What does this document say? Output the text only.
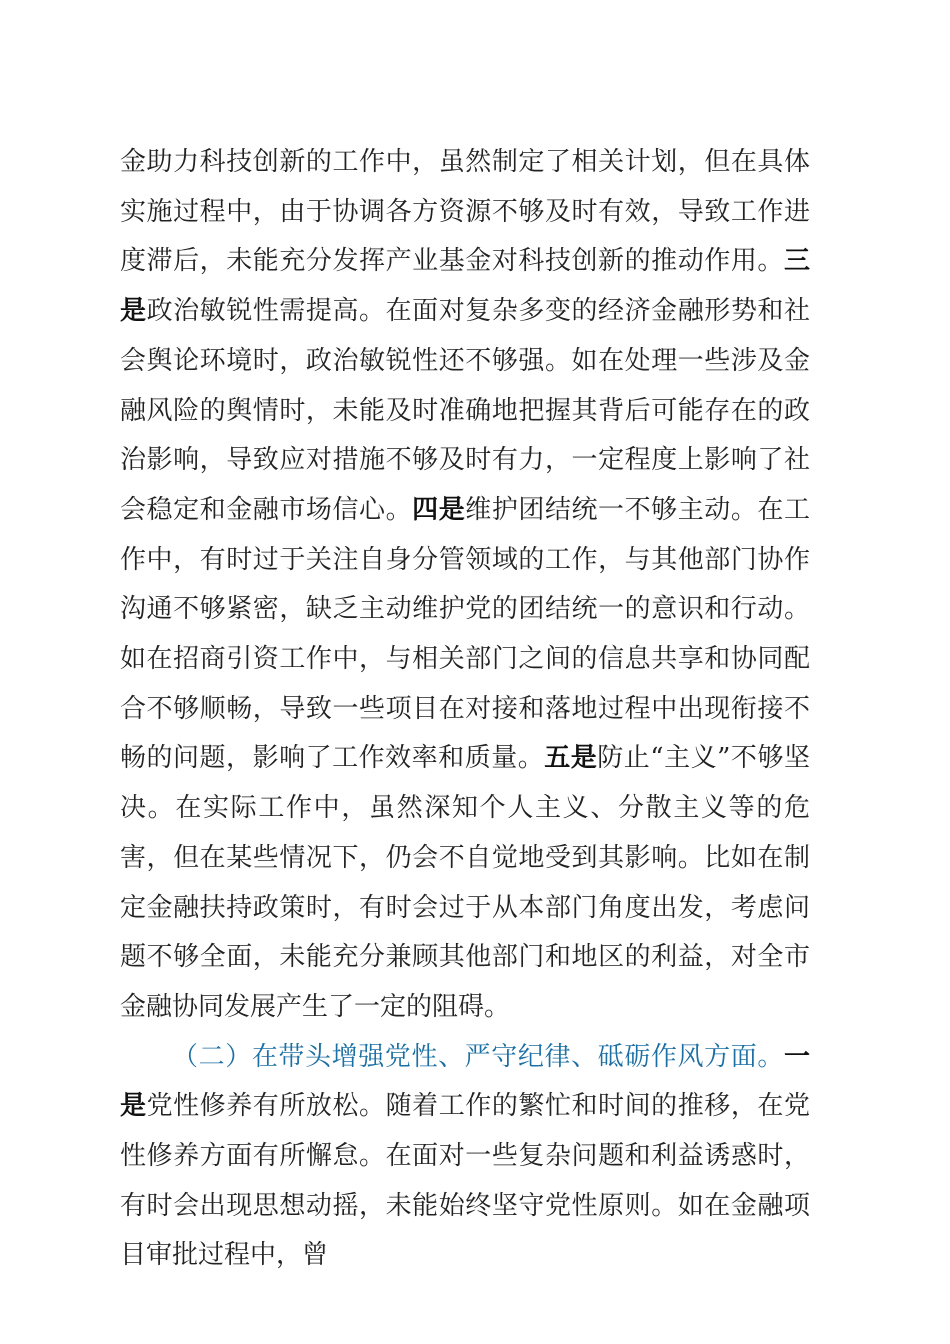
金助力科技创新的工作中，虽然制定了相关计划，但在具体实施过程中，由于协调各方资源不够及时有效，导致工作进度滞后，未能充分发挥产业基金对科技创新的推动作用。三是政治敏锐性需提高。在面对复杂多变的经济金融形势和社会舆论环境时，政治敏锐性还不够强。如在处理一些涉及金融风险的舆情时，未能及时准确地把握其背后可能存在的政治影响，导致应对措施不够及时有力，一定程度上影响了社会稳定和金融市场信心。四是维护团结统一不够主动。在工作中，有时过于关注自身分管领域的工作，与其他部门协作沟通不够紧密，缺乏主动维护党的团结统一的意识和行动。如在招商引资工作中，与相关部门之间的信息共享和协同配合不够顺畅，导致一些项目在对接和落地过程中出现衔接不畅的问题，影响了工作效率和质量。五是防止“主义”不够坚决。在实际工作中，虽然深知个人主义、分散主义等的危害，但在某些情况下，仍会不自觉地受到其影响。比如在制定金融扶持政策时，有时会过于从本部门角度出发，考虑问题不够全面，未能充分兼顾其他部门和地区的利益，对全市金融协同发展产生了一定的阻碍。

（二）在带头增强党性、严守纪律、砥砺作风方面。一是党性修养有所放松。随着工作的繁忙和时间的推移，在党性修养方面有所懈怠。在面对一些复杂问题和利益诱惑时，有时会出现思想动摇，未能始终坚守党性原则。如在金融项目审批过程中，曾
